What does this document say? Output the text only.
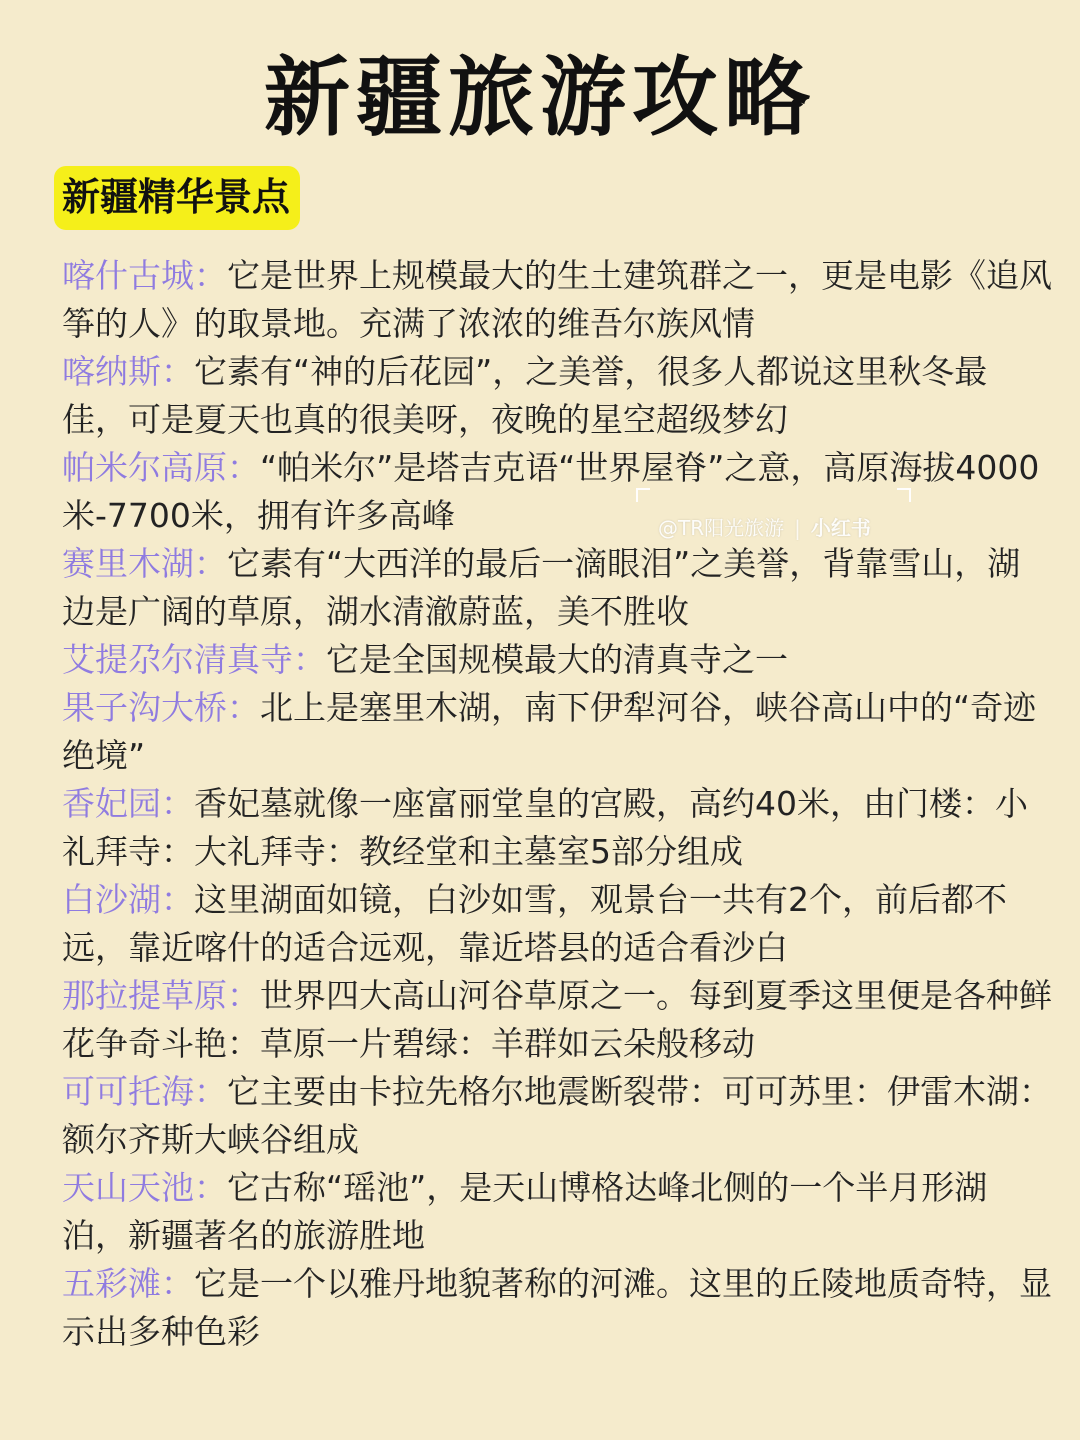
新疆旅游攻略
新疆精华景点

喀什古城：它是世界上规模最大的生土建筑群之一，更是电影《追风筝的人》的取景地。充满了浓浓的维吾尔族风情

喀纳斯：它素有“神的后花园”，之美誉，很多人都说这里秋冬最佳，可是夏天也真的很美呀，夜晚的星空超级梦幻

帕米尔高原：“帕米尔”是塔吉克语“世界屋脊”之意，高原海拔4000米-7700米，拥有许多高峰

赛里木湖：它素有“大西洋的最后一滴眼泪”之美誉，背靠雪山，湖边是广阔的草原，湖水清澈蔚蓝，美不胜收

艾提尕尔清真寺：它是全国规模最大的清真寺之一

果子沟大桥：北上是塞里木湖，南下伊犁河谷，峡谷高山中的“奇迹绝境”

香妃园：香妃墓就像一座富丽堂皇的宫殿，高约40米，由门楼：小礼拜寺：大礼拜寺：教经堂和主墓室5部分组成

白沙湖：这里湖面如镜，白沙如雪，观景台一共有2个，前后都不远，靠近喀什的适合远观，靠近塔县的适合看沙白

那拉提草原：世界四大高山河谷草原之一。每到夏季这里便是各种鲜花争奇斗艳：草原一片碧绿：羊群如云朵般移动

可可托海：它主要由卡拉先格尔地震断裂带：可可苏里：伊雷木湖：额尔齐斯大峡谷组成

天山天池：它古称“瑶池”，是天山博格达峰北侧的一个半月形湖泊，新疆著名的旅游胜地

五彩滩：它是一个以雅丹地貌著称的河滩。这里的丘陵地质奇特，显示出多种色彩

@TR阳光旅游 | 小红书
